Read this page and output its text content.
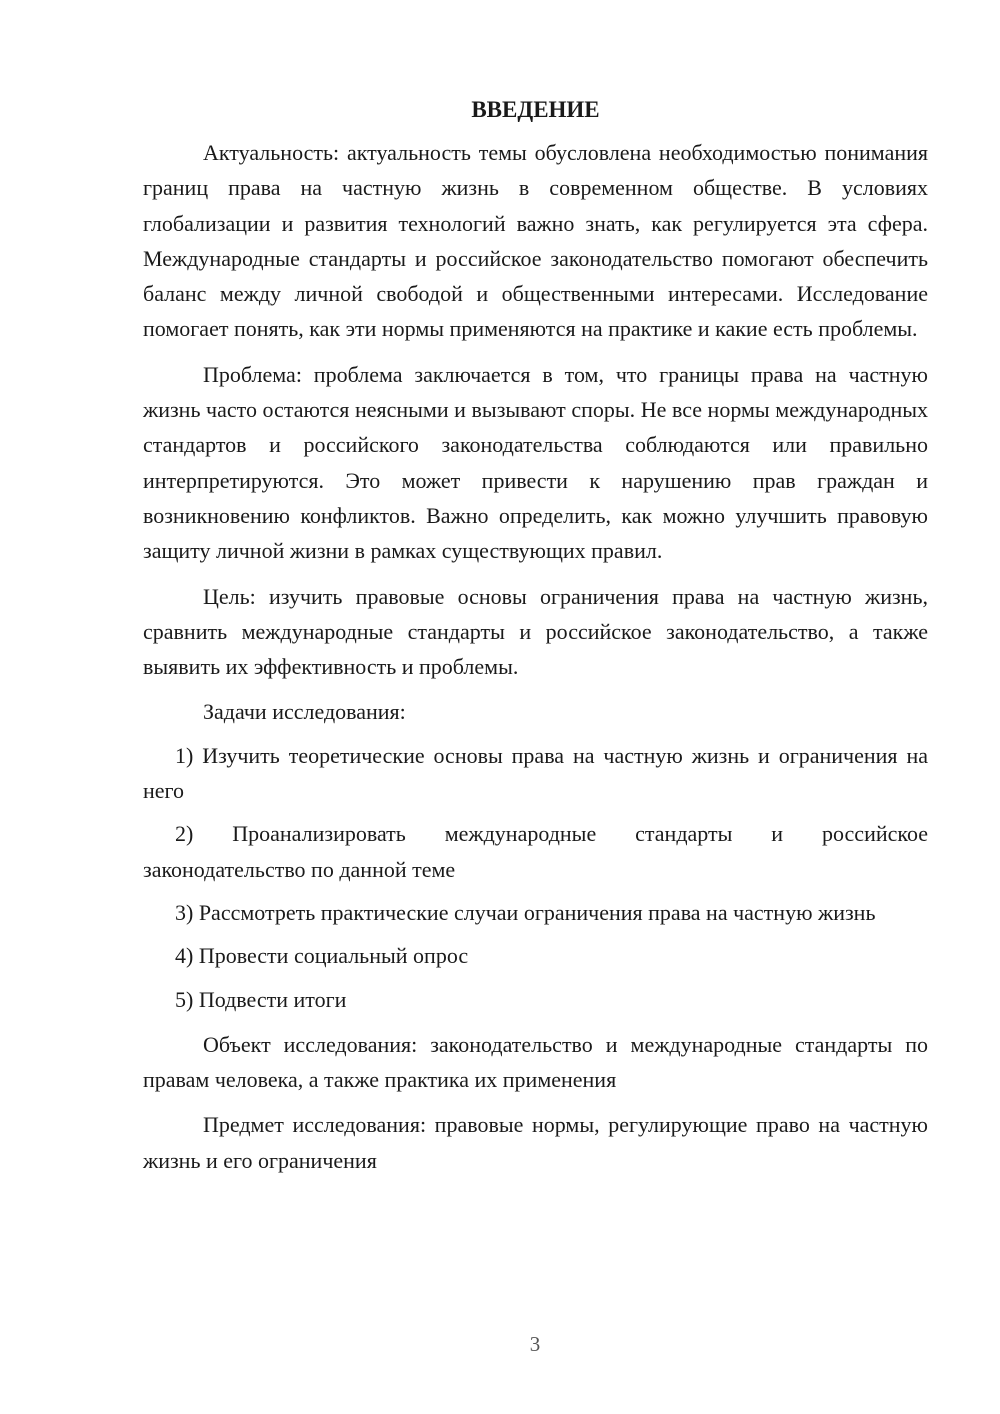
ВВЕДЕНИЕ

Актуальность: актуальность темы обусловлена необходимостью понимания границ права на частную жизнь в современном обществе. В условиях глобализации и развития технологий важно знать, как регулируется эта сфера. Международные стандарты и российское законодательство помогают обеспечить баланс между личной свободой и общественными интересами. Исследование помогает понять, как эти нормы применяются на практике и какие есть проблемы.

Проблема: проблема заключается в том, что границы права на частную жизнь часто остаются неясными и вызывают споры. Не все нормы международных стандартов и российского законодательства соблюдаются или правильно интерпретируются. Это может привести к нарушению прав граждан и возникновению конфликтов. Важно определить, как можно улучшить правовую защиту личной жизни в рамках существующих правил.

Цель: изучить правовые основы ограничения права на частную жизнь, сравнить международные стандарты и российское законодательство, а также выявить их эффективность и проблемы.

Задачи исследования:

1) Изучить теоретические основы права на частную жизнь и ограничения на него

2) Проанализировать международные стандарты и российское законодательство по данной теме

3) Рассмотреть практические случаи ограничения права на частную жизнь

4) Провести социальный опрос

5) Подвести итоги

Объект исследования: законодательство и международные стандарты по правам человека, а также практика их применения

Предмет исследования: правовые нормы, регулирующие право на частную жизнь и его ограничения

3
